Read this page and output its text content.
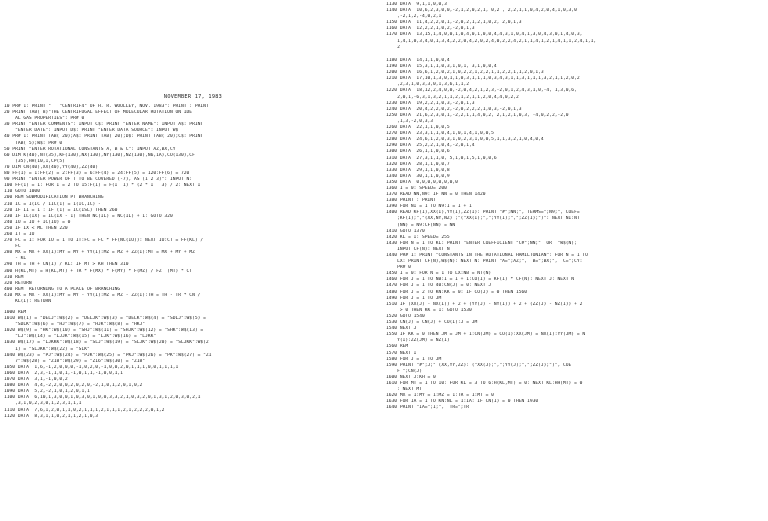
NOVEMBER 17, 1983
10 PR# 1: PRINT "   "CENTRIF4" OF H. R. WOOLLEY, NOV. 1983": PRINT : PRINT
20 PRINT TAB( 8)"THE CENTRIFUGAL EFFECT OF MOLECULAR ROTATION ON IDE
AL GAS PROPERTIES": PR# 0
30 PRINT "ENTER COMMENTS": INPUT C$: PRINT "ENTER NAME": INPUT A$: PRINT
"ENTER DATE": INPUT D$: PRINT "ENTER DATA SOURCE": INPUT W$
40 PR# 1: PRINT TAB( 20);A$: PRINT TAB( 20);D$: PRINT TAB( 20);C$: PRINT
TAB( 5);W$: PR# 0
50 PRINT "ENTER ROTATIONAL CONSTANTS A, B & C": INPUT AZ,BX,CY
60 DIM K(40),NT(35),KF(130),NX(130),NY(130),NZ(130),N6,1A),CO(130),CF
(35),HH(10,1,CP(5)
70 DIM CN(40),XX(40),YY(40),ZZ(40)
80 FF(1) = 1:FF(2) = 2:FF(3) = 6:FF(4) = 24:FF(5) = 120:FF(6) = 720
90 PRINT "ENTER POWER OF T TO BE COVERED (-7), AS (1 2 3)": INPUT N:
100 FF(1) = 1: FOR I = 2 TO 15:F(I) = F(I  1) * (2 * I   3) / 2: NEXT I
110 GOTO 1000
200 REM SUBMODIFICATION PT BRANCHING
210 IC = I(IC / 1IC(1) = 1(IC,IC) -
220 IF II = 1 : IF (1) = IC(ISL) THEN 260
230 IF IL(IX) = IL(IX - 1) THEN NC(IL) = NC(IL) + 1: GOTO 320
240 IU = IU + IC(IU) = 0
250 IF IX < ML THEN 220
260 IT = IU
270 FC = 1: FOR IU = 1 TO IT:FC = FC * FF(NC(IU)): NEXT IU:CT = FF(KL) /
FC
280 MX = MX + XX(I):MY = MY + YY(I):MZ = MZ + ZZ(I):MT = MX + MY + MZ
- KL
290 TH = TH + CN(I) / KL: IF MT > KH THEN 310
300 H(KL,MT) = H(KL,MT) + TR * F(MX) * F(MY) * F(MZ) / FZ  (MT) * CT
310 REM
320 RETURN
400 REM  RETURNING TO A PLACE OF BRANCHING
410 MX = MX - XX(I):MY = MY - YY(I):MZ = MZ - ZZ(I):TH = TH - TR * CN /
KL(I): RETURN
1000 REM
1010 W$(1) = "DELJ":W$(2) = "DELJK":W$(3) = "DELK":W$(4) = "SDLJ":W$(5) =
"SDLK":W$(6) = "HJ":W$(7) = "HJK":W$(8) = "HKJ"
1020 W$(9) = "HK":W$(10) = "SHJ":W$(11) = "SHJK":W$(12) = "SHK":W$(13) =
"LJ":W$(14) = "LJJK":W$(15) = "LJK":W$(16) = "LJKK"
1030 W$(17) = "LJKKK":W$(18) = "SLJ":W$(19) = "SLJK":W$(20) = "SLJKK":W$(2
1) = "SLJKK":W$(22) = "SLK"
1040 W$(23) = "PJ":W$(24) = "PJK":W$(25) = "PKJ":W$(26) = "PK":W$(27) = "Z1
7":W$(28) = "Z18":W$(29) = "Z16":W$(30) = "Z18"
1050 DATA  1,6,-1,2,0,0,0,-1,0,2,0,-1,0,0,2,0,1,1,1,0,0,1,1,1,1
1060 DATA  2,3,-1,1,0,1,-1,0,1,1,-1,0,0,1,1
1070 DATA  3,1,-1,0,0,2
1080 DATA  4,4,-2,2,0,0,2,0,2,0,-2,1,0,1,2,0,1,0,2
1090 DATA  5,2,-2,1,0,1,2,0,1,1
1100 DATA  6,10,1,3,0,0,1,0,3,0,1,0,0,3,3,2,1,0,3,2,0,1,3,1,2,0,3,0,2,1
,3,1,0,2,3,0,1,2,3,1,1,1
1110 DATA  7,6,1,2,0,1,1,0,2,1,1,1,2,1,1,1,2,1,2,2,2,0,1,2
1120 DATA  8,3,1,1,0,2,1,1,2,1,0,3
1130 DATA  9,1,1,0,0,3
1140 DATA  10,6,2,3,0,0,-2,1,2,0,2,1, 0,2 , 2,2,1,1,0,4,2,0,4,1,0,3,0
,-2,1,2,-4,0,2,1
1150 DATA  11,4,2,2,0,1,-2,0,2,1,2,1,0,2, 2,0,1,3
1160 DATA  12,2,2,1,0,2,-2,0,1,3
1170 DATA  13,15,1,4,0,0,1,0,4,0,1,0,0,4,4,3,1,0,4,1,3,0,4,3,0,1,4,0,3,
1,4,1,0,3,4,0,1,3,4,2,2,0,4,2,0,2,4,0,2,2,4,2,1,1,4,1,2,1,4,1,1,2,4,1,1,
2
1180 DATA  14,1,1,0,0,4
1190 DATA  15,3,1,1,0,3,1,0,1, 3,1,0,0,4
1200 DATA  16,6,1,2,0,2,1,0,2,2,1,2,2,1,1,2,2,1,1,2,0,1,3
1210 DATA  17,10,1,3,0,1,1,0,3,1,1,1,0,3,4,3,1,1,3,1,1,1,3,2,1,1,2,0,2
,2,3,1,0,3,3,0,1,3,6,1,1,2
1220 DATA  18,12,2,4,0,0,-2,0,4,2,1,2,3,-2,0,1,2,4,3,1,0,-4, 1,3,0,6,
2,0,1,-6,3,1,3,2,1,1,2,1,2,1,1,2,0,4,4,0,2,2
1230 DATA  19,2,2,1,0,3,-2,0,1,3
1240 DATA  20,4,2,2,0,2,-2,0,2,2,2,1,0,3,-2,0,1,3
1250 DATA  21,6,2,3,0,1,-2,2,1,1,4,0,2, 2,1,2,1,0,3, -4,0,2,2,-2,0
,1,3,-2,0,3,3
1260 DATA  22,1,1,0,0,5
1270 DATA  23,3,1,1,0,4,1,0,1,4,1,0,0,5
1280 DATA  24,6,1,2,0,3,1,0,2,3,1,0,0,5,1,1,3,2,1,0,4,0,4
1290 DATA  25,2,2,1,0,4,-2,0,1,4
1300 DATA  26,1,1,0,0,6
1310 DATA  27,3,1,1,0, 5,1,0,1,5,1,0,0,6
1320 DATA  28,1,1,0,0,7
1330 DATA  29,1,1,0,0,8
1340 DATA  30,1,1,0,0,9
1350 DATA  0,0,0,0,0,0,0,0
1360 I = 0: SPEED= 200
1370 READ NN,N9: IF NN = 0 THEN 1420
1380 PRINT : PRINT
1390 FOR NI = 1 TO N9:I = I + 1
1400 READ KF(I),XX(I),YY(I),ZZ(I): PRINT "#";NN;", TERMS=";N9;", COEF=
;KF(I);","(XX,NY,NZ) ;"("XX(I);",";YY(I);",";ZZ(I);")": NEXT NI:NT
(NN) = N9:CF(NN) = NN
1410 GOTO 1370
1420 KL = I: SPEED= 255
1430 FOR N = 1 TO KL: PRINT "ENTER COEFFICIENT "C#";NN;"  OR  "W$(N);
INPUT CF(N): NEXT N
1440 PR# 1: PRINT "CONSTANTS IN THE ROTATIONAL HAMILTONIAN": FOR N = 1 TO
LX: PRINT CF(N),W$(N): NEXT N: PRINT "A=";AZ;",  B=";BX;",  C=";CY:
PR# 0
1450 I = 0: FOR N = 1 TO LX:NB = NT(N)
1460 FOR J = 1 TO NB:I = I + 1:CO(I) = KF(I) * CF(N): NEXT J: NEXT N
1470 FOR J = 1 TO 40:CN(J) = 0: NEXT J
1480 FOR J = 2 TO KN:KK = 0: IF CO(J) = 0 THEN 1560
1490 FOR J = 1 TO JM
1510 IF (XX(J) - NX(I)) + 2 + (YY(J) - NY(I)) + 2 + (ZZ(J) - NZ(I)) + 2
> 0 THEN KK = 1: GOTO 1530
1520 GOTO 1540
1530 CN(J) = CN(J) + CO(I):J = JM
1540 NEXT J
1550 IF KK = 0 THEN JM = JM + 1:CN(JM) = CO(I):XX(JM) = NX(I):YY(JM) = N
Y(I):ZZ(JM) = NZ(I)
1560 REM
1570 NEXT I
1580 FOR J = 1 TO JM
1590 PRINT "#";J;" (XX,YY,ZZ): ("XX(J);",";YY(J);",";ZZ(J);")", COE
F ";CN(J)
1600 NEXT J:KH = 0
1610 FOR MT = 1 TO 10: FOR KL = 3 TO 6:H(KL,MT) = 0: NEXT KL:HH(MT) = 0
: NEXT MT
1620 MX = 1:MY = 1:MZ = 1:TR = 1:MT = 0
1630 FOR IA = 1 TO KN:NL = 1:IA: IF CN(I) = 0 THEN 1930
1640 PRINT "IA=";I;",  TR=";TR
